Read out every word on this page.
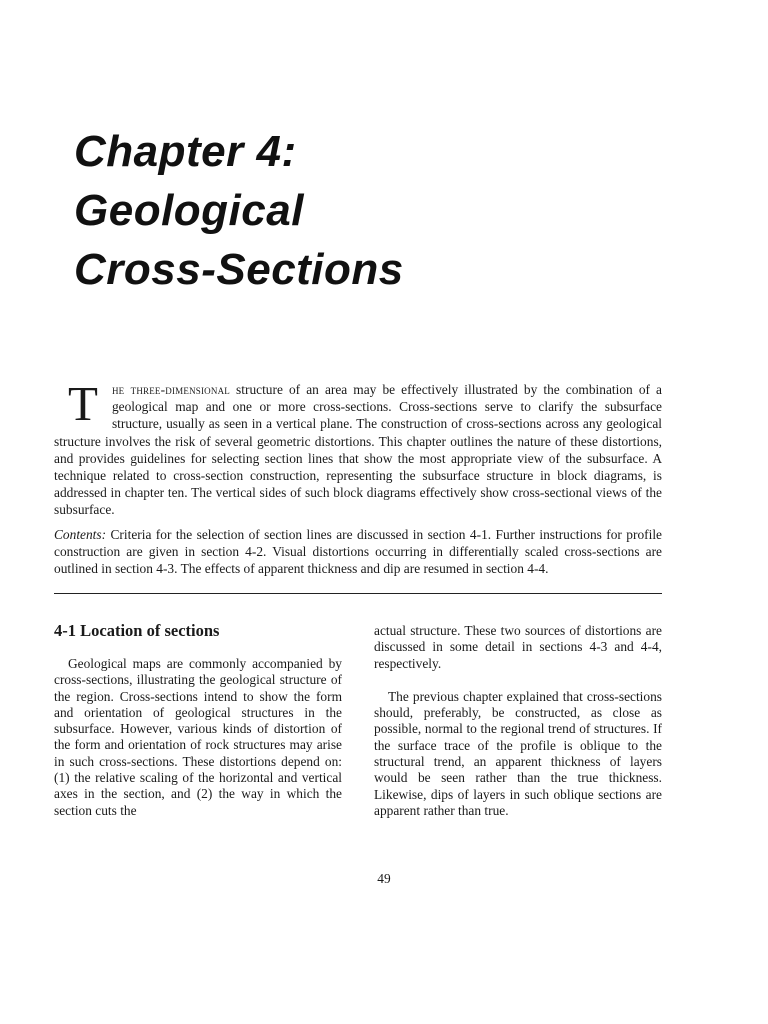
Chapter 4:
Geological
Cross-Sections

T he three-dimensional structure of an area may be effectively illustrated by the combination of a geological map and one or more cross-sections. Cross-sections serve to clarify the subsurface structure, usually as seen in a vertical plane. The construction of cross-sections across any geological structure involves the risk of several geometric distortions. This chapter outlines the nature of these distortions, and provides guidelines for selecting section lines that show the most appropriate view of the subsurface. A technique related to cross-section construction, representing the subsurface structure in block diagrams, is addressed in chapter ten. The vertical sides of such block diagrams effectively show cross-sectional views of the subsurface.

Contents: Criteria for the selection of section lines are discussed in section 4-1. Further instructions for profile construction are given in section 4-2. Visual distortions occurring in differentially scaled cross-sections are outlined in section 4-3. The effects of apparent thickness and dip are resumed in section 4-4.

4-1 Location of sections

Geological maps are commonly accompanied by cross-sections, illustrating the geological structure of the region. Cross-sections intend to show the form and orientation of geological structures in the subsurface. However, various kinds of distortion of the form and orientation of rock structures may arise in such cross-sections. These distortions depend on: (1) the relative scaling of the horizontal and vertical axes in the section, and (2) the way in which the section cuts the

actual structure. These two sources of distortions are discussed in some detail in sections 4-3 and 4-4, respectively.

The previous chapter explained that cross-sections should, preferably, be constructed, as close as possible, normal to the regional trend of structures. If the surface trace of the profile is oblique to the structural trend, an apparent thickness of layers would be seen rather than the true thickness. Likewise, dips of layers in such oblique sections are apparent rather than true.

49
